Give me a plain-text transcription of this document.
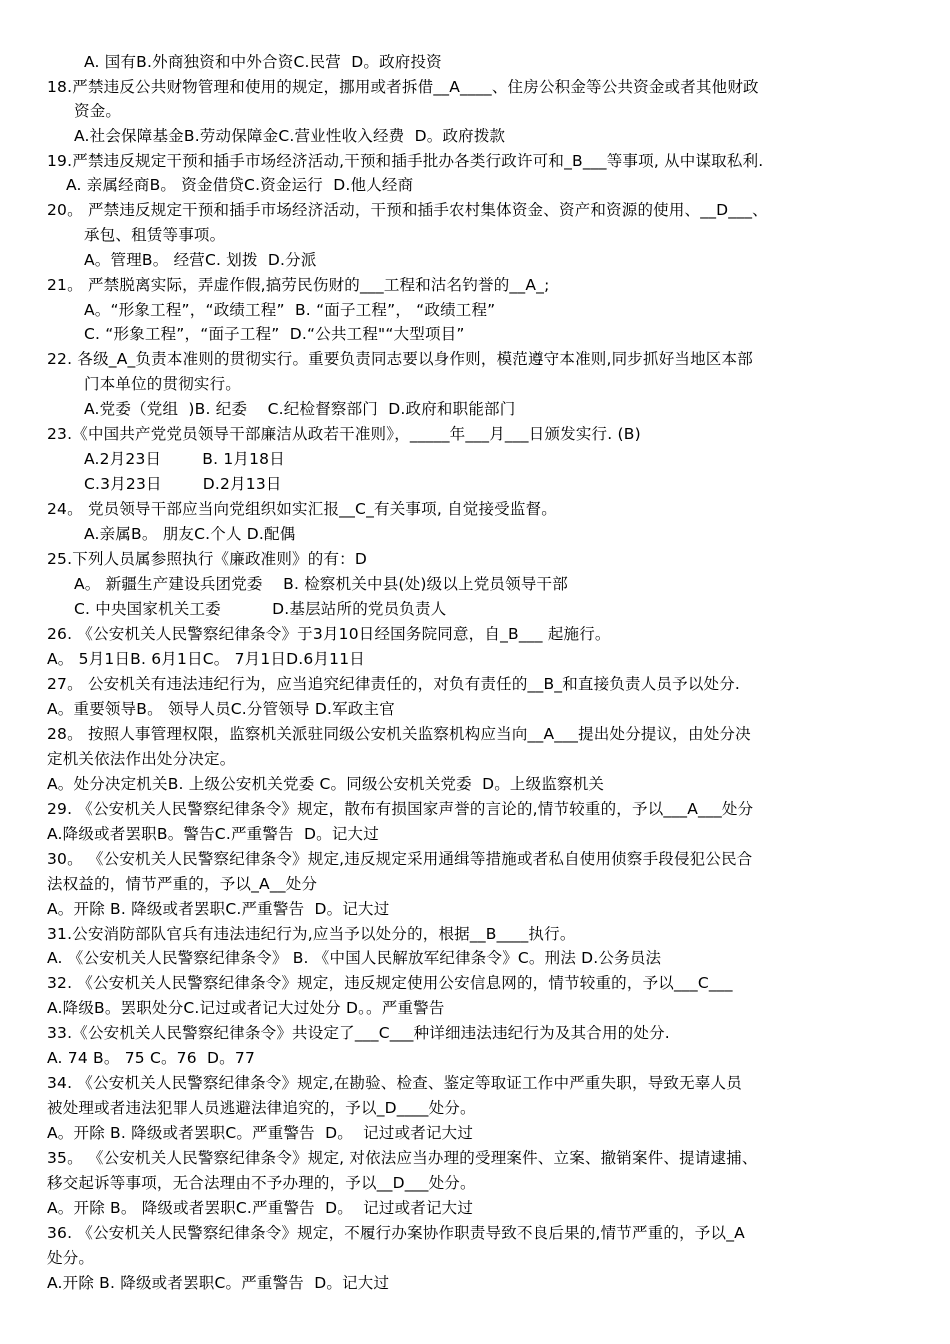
A. 国有B.外商独资和中外合资C.民营  D。政府投资
18.严禁违反公共财物管理和使用的规定，挪用或者拆借__A____、住房公积金等公共资金或者其他财政
资金。
A.社会保障基金B.劳动保障金C.营业性收入经费  D。政府拨款
19.严禁违反规定干预和插手市场经济活动,干预和插手批办各类行政许可和_B___等事项, 从中谋取私利.
A. 亲属经商B。 资金借贷C.资金运行  D.他人经商
20。 严禁违反规定干预和插手市场经济活动，干预和插手农村集体资金、资产和资源的使用、__D___、
承包、租赁等事项。
A。管理B。 经营C. 划拨  D.分派
21。 严禁脱离实际，弄虚作假,搞劳民伤财的___工程和沽名钓誉的__A_;
A。“形象工程”，“政绩工程”  B. “面子工程”， “政绩工程”
C. “形象工程”，“面子工程”  D.“公共工程"“大型项目”
22. 各级_A_负责本准则的贯彻实行。重要负责同志要以身作则，模范遵守本准则,同步抓好当地区本部
门本单位的贯彻实行。
A.党委（党组  )B. 纪委    C.纪检督察部门  D.政府和职能部门
23.《中国共产党党员领导干部廉洁从政若干准则》，_____年___月___日颁发实行. (B)
A.2月23日        B. 1月18日
C.3月23日        D.2月13日
24。 党员领导干部应当向党组织如实汇报__C_有关事项, 自觉接受监督。
A.亲属B。 朋友C.个人 D.配偶
25.下列人员属参照执行《廉政准则》的有：D
A。 新疆生产建设兵团党委    B. 检察机关中县(处)级以上党员领导干部
C. 中央国家机关工委          D.基层站所的党员负责人
26. 《公安机关人民警察纪律条令》于3月10日经国务院同意，自_B___ 起施行。
A。 5月1日B. 6月1日C。 7月1日D.6月11日
27。 公安机关有违法违纪行为，应当追究纪律责任的，对负有责任的__B_和直接负责人员予以处分.
A。重要领导B。 领导人员C.分管领导 D.军政主官
28。 按照人事管理权限，监察机关派驻同级公安机关监察机构应当向__A___提出处分提议，由处分决
定机关依法作出处分决定。
A。处分决定机关B. 上级公安机关党委 C。同级公安机关党委  D。上级监察机关
29. 《公安机关人民警察纪律条令》规定，散布有损国家声誉的言论的,情节较重的，予以___A___处分
A.降级或者罢职B。警告C.严重警告  D。记大过
30。 《公安机关人民警察纪律条令》规定,违反规定采用通缉等措施或者私自使用侦察手段侵犯公民合
法权益的，情节严重的，予以_A__处分
A。开除 B. 降级或者罢职C.严重警告  D。记大过
31.公安消防部队官兵有违法违纪行为,应当予以处分的，根据__B____执行。
A. 《公安机关人民警察纪律条令》 B. 《中国人民解放军纪律条令》C。刑法 D.公务员法
32. 《公安机关人民警察纪律条令》规定，违反规定使用公安信息网的，情节较重的，予以___C___
A.降级B。罢职处分C.记过或者记大过处分 D。。严重警告
33.《公安机关人民警察纪律条令》共设定了___C___种详细违法违纪行为及其合用的处分.
A. 74 B。 75 C。76  D。77
34. 《公安机关人民警察纪律条令》规定,在勘验、检查、鉴定等取证工作中严重失职，导致无辜人员
被处理或者违法犯罪人员逃避法律追究的，予以_D____处分。
A。开除 B. 降级或者罢职C。严重警告  D。  记过或者记大过
35。 《公安机关人民警察纪律条令》规定, 对依法应当办理的受理案件、立案、撤销案件、提请逮捕、
移交起诉等事项，无合法理由不予办理的，予以__D___处分。
A。开除 B。 降级或者罢职C.严重警告  D。  记过或者记大过
36. 《公安机关人民警察纪律条令》规定，不履行办案协作职责导致不良后果的,情节严重的，予以_A
处分。
A.开除 B. 降级或者罢职C。严重警告  D。记大过
